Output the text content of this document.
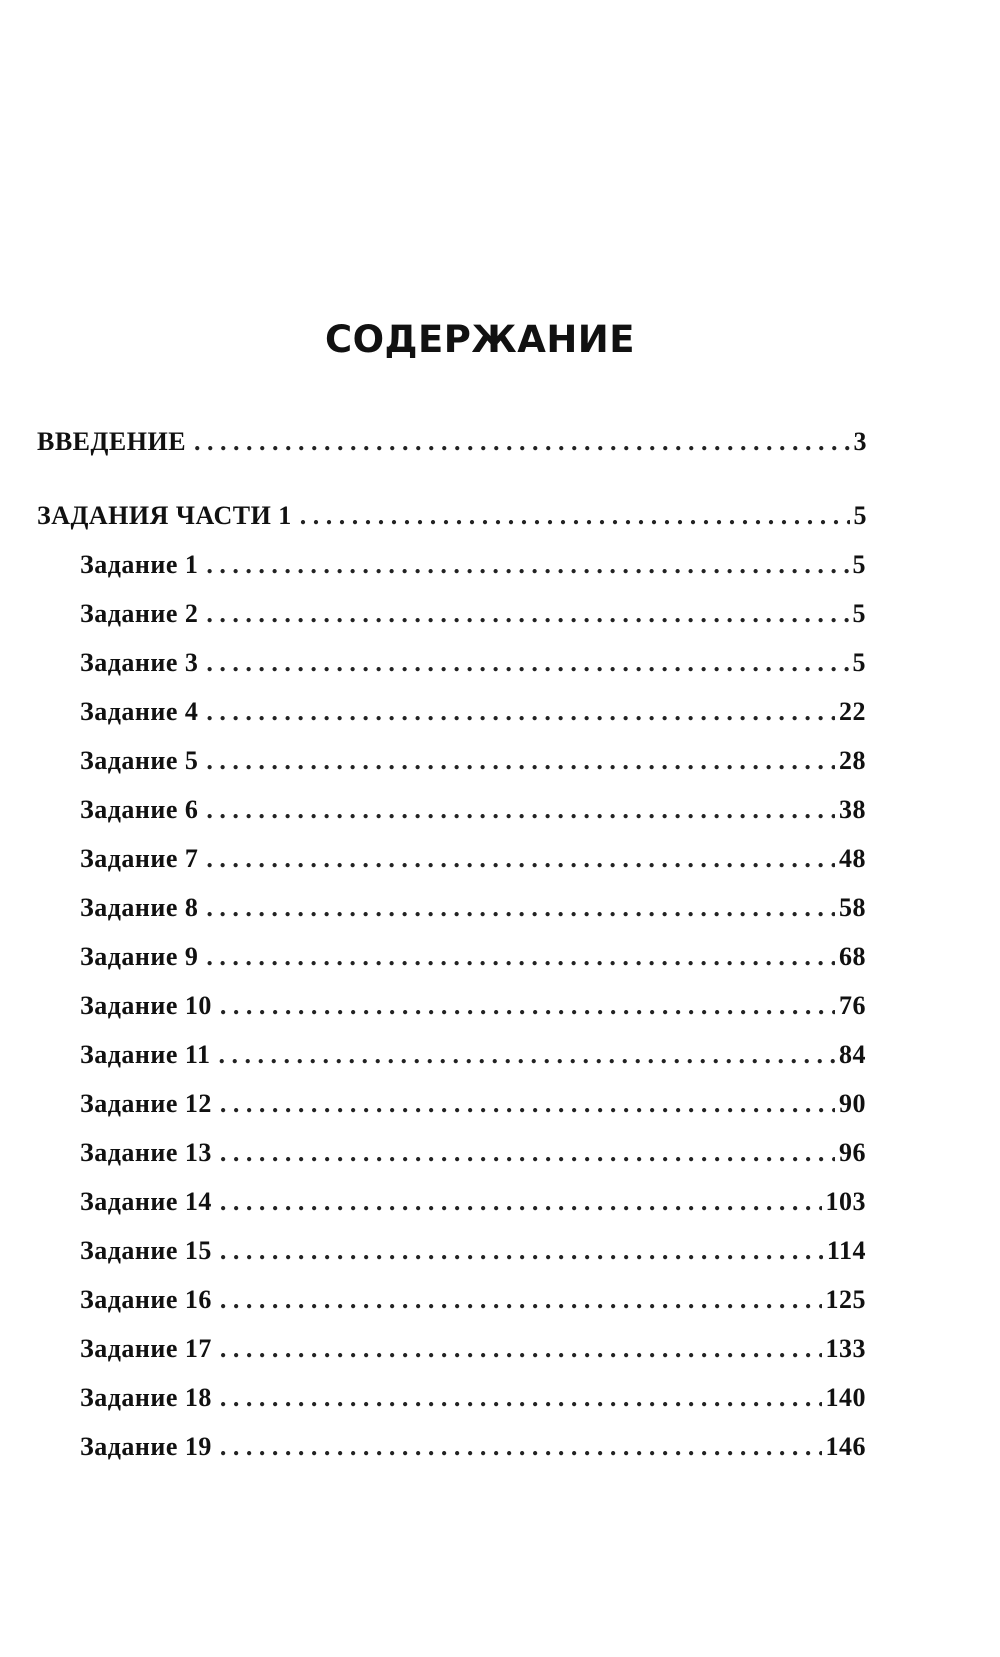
СОДЕРЖАНИЕ
ВВЕДЕНИЕ . . .	3
ЗАДАНИЯ ЧАСТИ 1 . . .	5
Задание 1 . . .	5
Задание 2 . . .	5
Задание 3 . . .	5
Задание 4 . . .	22
Задание 5 . . .	28
Задание 6 . . .	38
Задание 7 . . .	48
Задание 8 . . .	58
Задание 9 . . .	68
Задание 10 . . .	76
Задание 11 . . .	84
Задание 12 . . .	90
Задание 13 . . .	96
Задание 14 . . .	103
Задание 15 . . .	114
Задание 16 . . .	125
Задание 17 . . .	133
Задание 18 . . .	140
Задание 19 . . .	146
